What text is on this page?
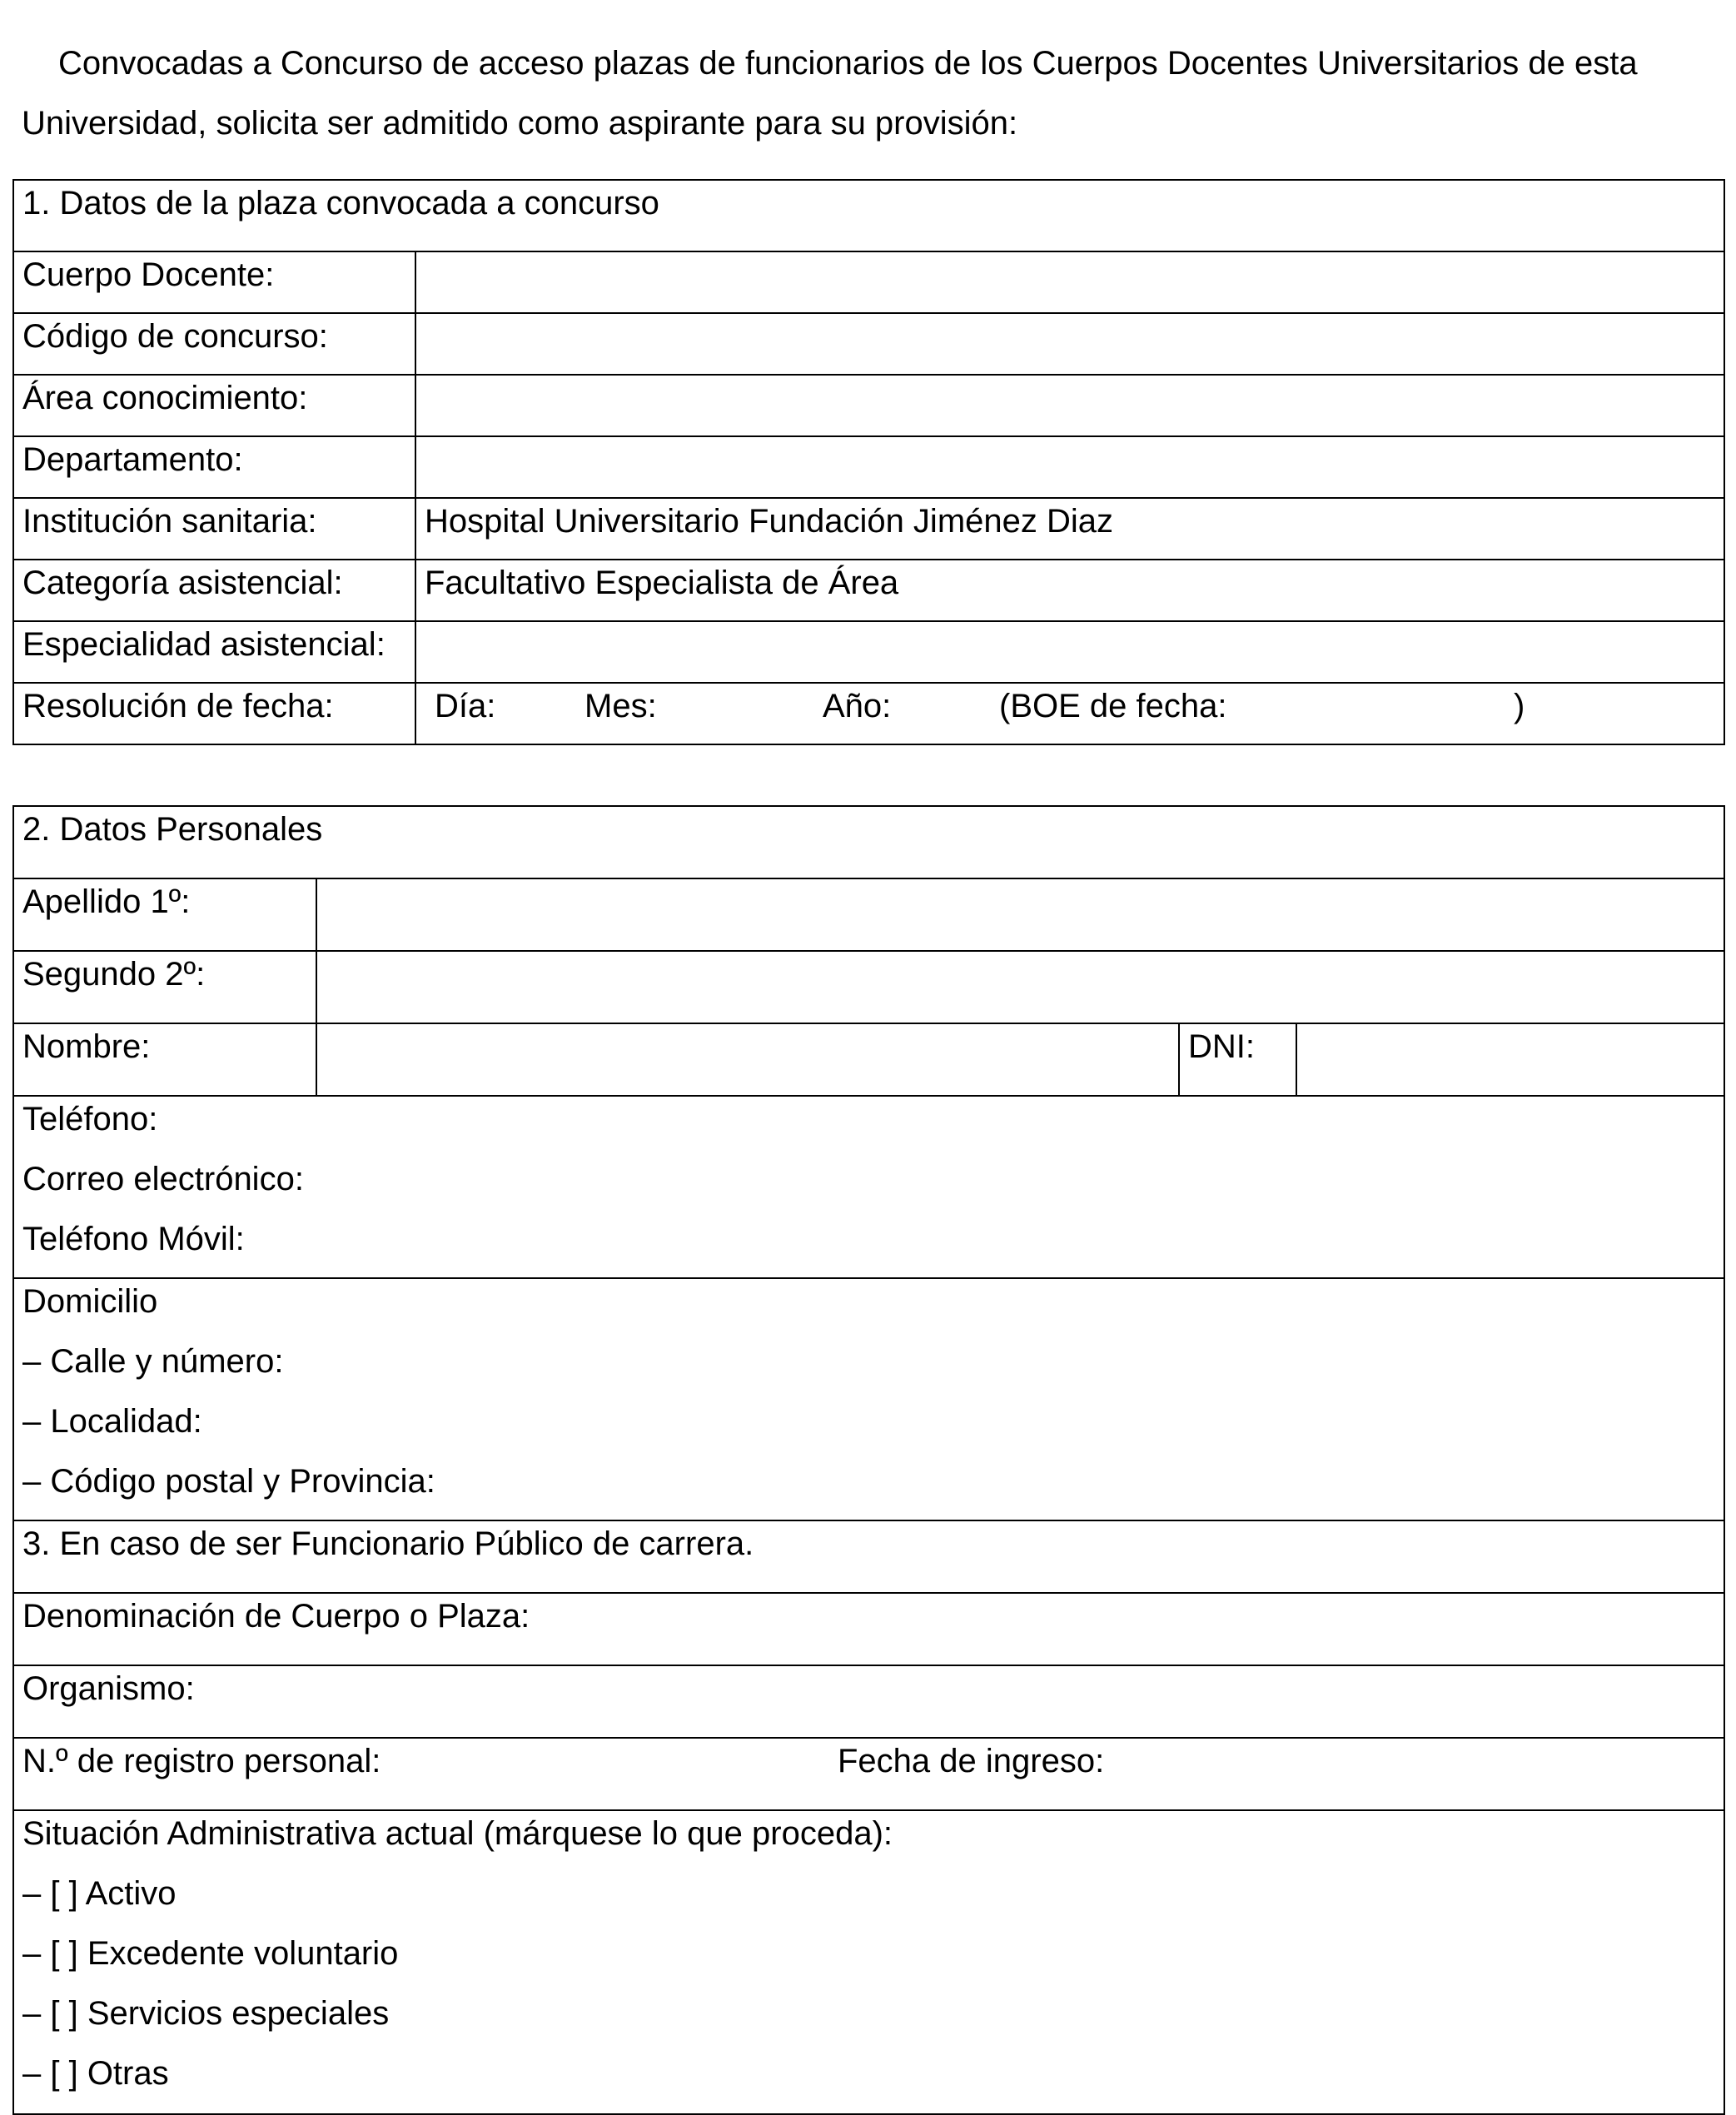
Convocadas a Concurso de acceso plazas de funcionarios de los Cuerpos Docentes Universitarios de esta Universidad, solicita ser admitido como aspirante para su provisión:

1. Datos de la plaza convocada a concurso	
Cuerpo Docente:	
Código de concurso:	
Área conocimiento:	
Departamento:	
Institución sanitaria:	Hospital Universitario Fundación Jiménez Diaz
Categoría asistencial:	Facultativo Especialista de Área
Especialidad asistencial:	
Resolución de fecha:	Día: Mes: Año: (BOE de fecha: )
2. Datos Personales			
Apellido 1º:			
Segundo 2º:			
Nombre:		DNI:	

Teléfono:
Correo electrónico:
Teléfono Móvil:			

Domicilio
– Calle y número:
– Localidad:
– Código postal y Provincia:			

3. En caso de ser Funcionario Público de carrera.			
Denominación de Cuerpo o Plaza:			
Organismo:			
N.º de registro personal: Fecha de ingreso:			

Situación Administrativa actual (márquese lo que proceda):
– [ ] Activo
– [ ] Excedente voluntario
– [ ] Servicios especiales
– [ ] Otras			
